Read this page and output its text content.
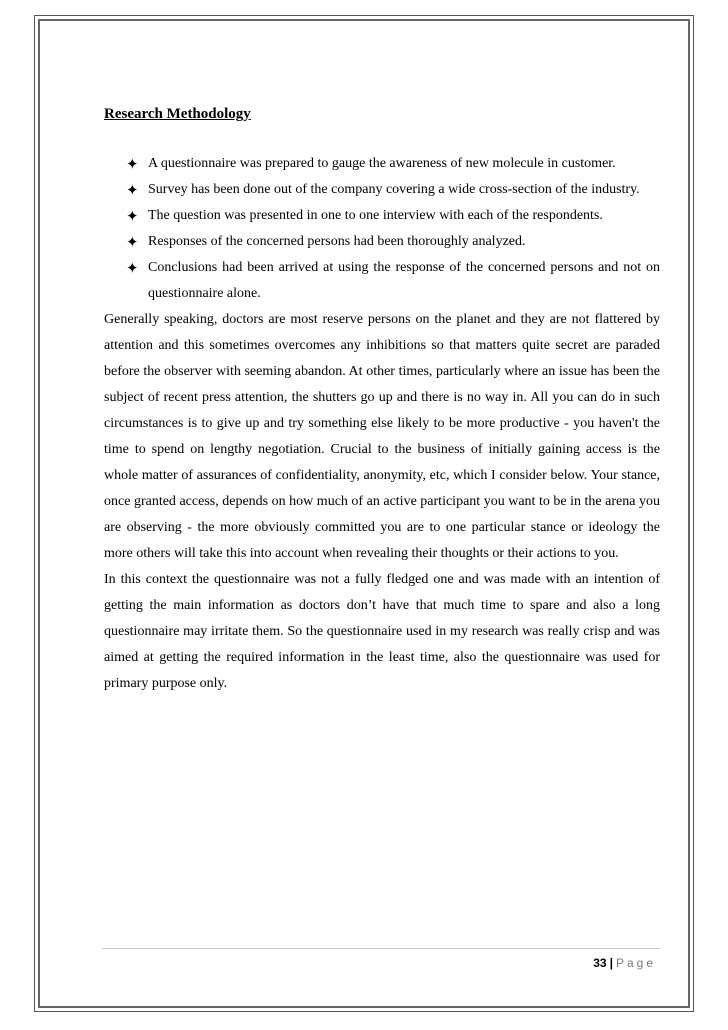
Research Methodology
✦ A questionnaire was prepared to gauge the awareness of new molecule in customer.
✦ Survey has been done out of the company covering a wide cross-section of the industry.
✦ The question was presented in one to one interview with each of the respondents.
✦ Responses of the concerned persons had been thoroughly analyzed.
✦ Conclusions had been arrived at using the response of the concerned persons and not on questionnaire alone.

Generally speaking, doctors are most reserve persons on the planet and they are not flattered by attention and this sometimes overcomes any inhibitions so that matters quite secret are paraded before the observer with seeming abandon. At other times, particularly where an issue has been the subject of recent press attention, the shutters go up and there is no way in. All you can do in such circumstances is to give up and try something else likely to be more productive - you haven't the time to spend on lengthy negotiation. Crucial to the business of initially gaining access is the whole matter of assurances of confidentiality, anonymity, etc, which I consider below. Your stance, once granted access, depends on how much of an active participant you want to be in the arena you are observing - the more obviously committed you are to one particular stance or ideology the more others will take this into account when revealing their thoughts or their actions to you.

In this context the questionnaire was not a fully fledged one and was made with an intention of getting the main information as doctors don’t have that much time to spare and also a long questionnaire may irritate them. So the questionnaire used in my research was really crisp and was aimed at getting the required information in the least time, also the questionnaire was used for primary purpose only.

33 | Page
